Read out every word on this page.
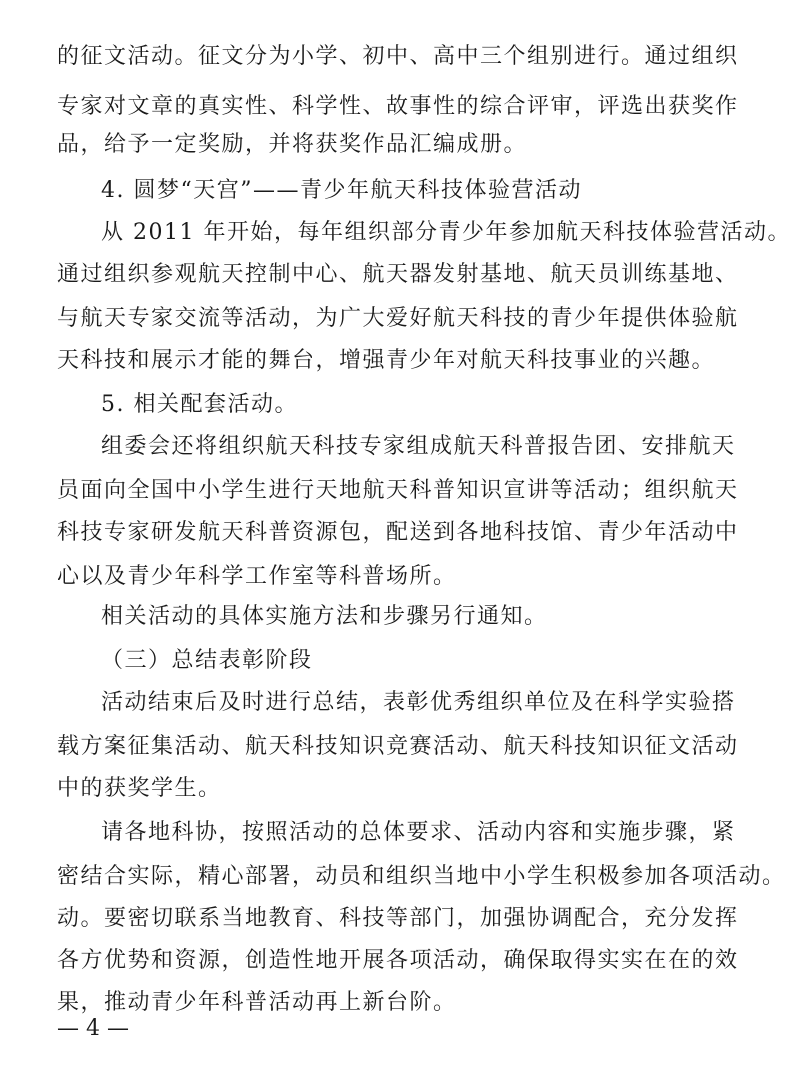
的征文活动。征文分为小学、初中、高中三个组别进行。通过组织
专家对文章的真实性、科学性、故事性的综合评审，评选出获奖作
品，给予一定奖励，并将获奖作品汇编成册。
4. 圆梦“天宫”——青少年航天科技体验营活动
从 2011 年开始，每年组织部分青少年参加航天科技体验营活动。
通过组织参观航天控制中心、航天器发射基地、航天员训练基地、
与航天专家交流等活动，为广大爱好航天科技的青少年提供体验航
天科技和展示才能的舞台，增强青少年对航天科技事业的兴趣。
5. 相关配套活动。
组委会还将组织航天科技专家组成航天科普报告团、安排航天
员面向全国中小学生进行天地航天科普知识宣讲等活动；组织航天
科技专家研发航天科普资源包，配送到各地科技馆、青少年活动中
心以及青少年科学工作室等科普场所。
相关活动的具体实施方法和步骤另行通知。
（三）总结表彰阶段
活动结束后及时进行总结，表彰优秀组织单位及在科学实验搭
载方案征集活动、航天科技知识竞赛活动、航天科技知识征文活动
中的获奖学生。
请各地科协，按照活动的总体要求、活动内容和实施步骤，紧
密结合实际，精心部署，动员和组织当地中小学生积极参加各项活动。
动。要密切联系当地教育、科技等部门，加强协调配合，充分发挥
各方优势和资源，创造性地开展各项活动，确保取得实实在在的效
果，推动青少年科普活动再上新台阶。
— 4 —
